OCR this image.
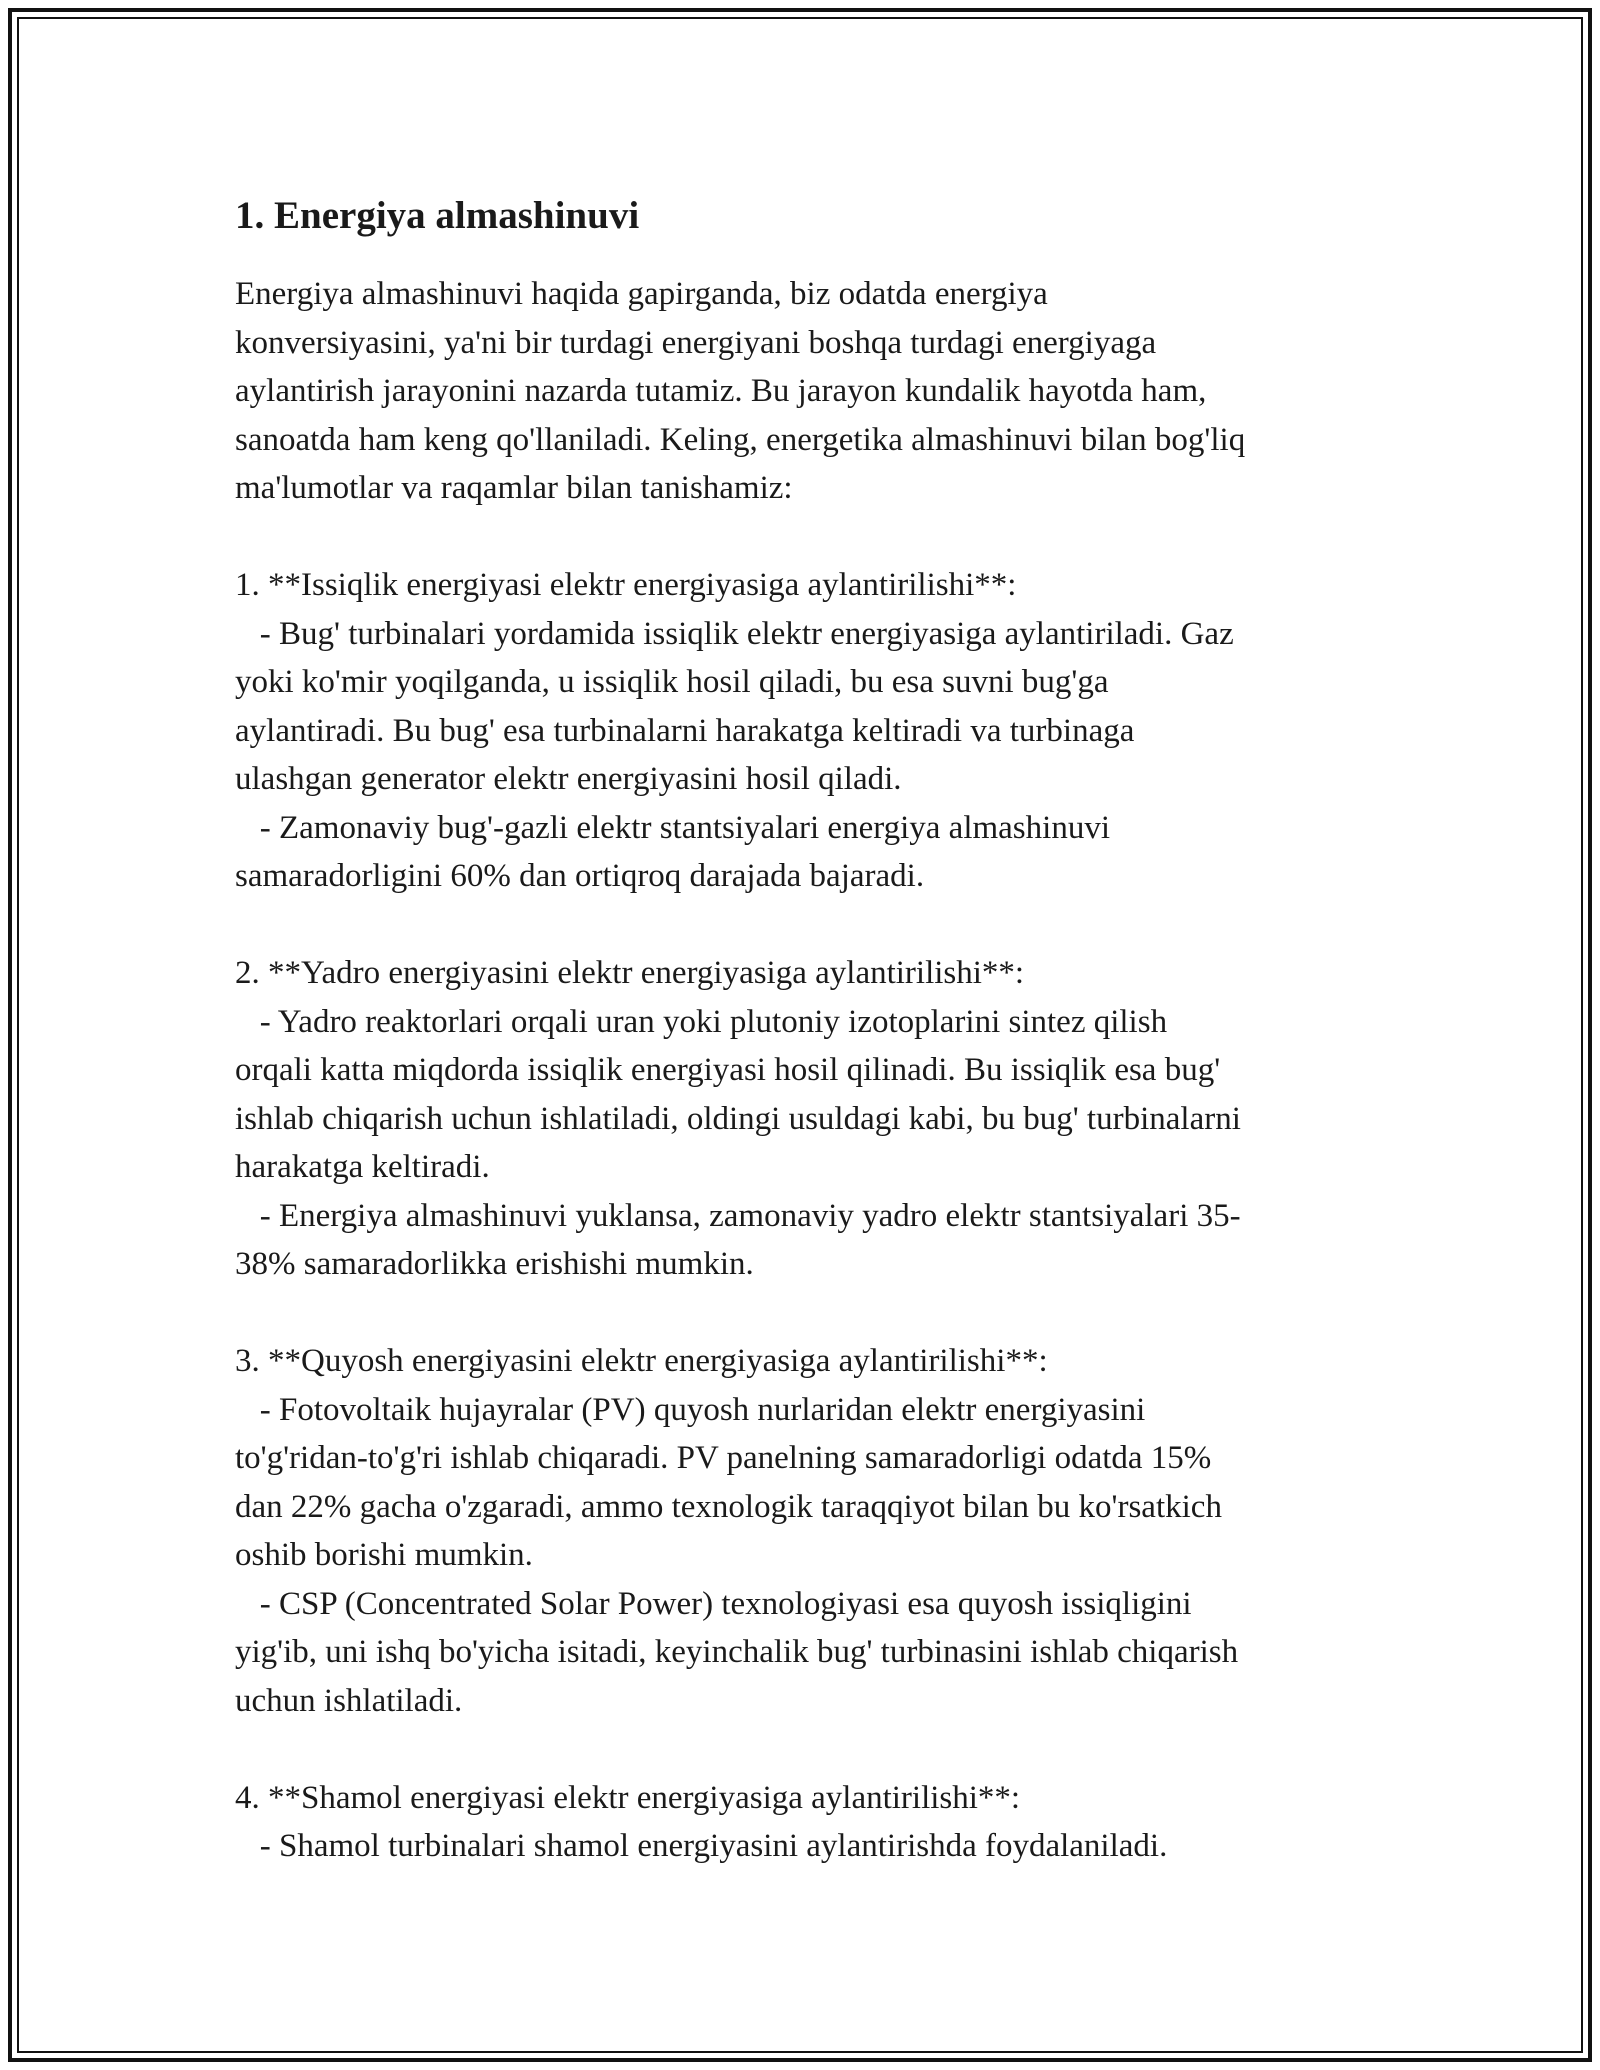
1. Energiya almashinuvi
Energiya almashinuvi haqida gapirganda, biz odatda energiya
konversiyasini, ya'ni bir turdagi energiyani boshqa turdagi energiyaga
aylantirish jarayonini nazarda tutamiz. Bu jarayon kundalik hayotda ham,
sanoatda ham keng qo'llaniladi. Keling, energetika almashinuvi bilan bog'liq
ma'lumotlar va raqamlar bilan tanishamiz:

1. **Issiqlik energiyasi elektr energiyasiga aylantirilishi**:
- Bug' turbinalari yordamida issiqlik elektr energiyasiga aylantiriladi. Gaz
yoki ko'mir yoqilganda, u issiqlik hosil qiladi, bu esa suvni bug'ga
aylantiradi. Bu bug' esa turbinalarni harakatga keltiradi va turbinaga
ulashgan generator elektr energiyasini hosil qiladi.
- Zamonaviy bug'-gazli elektr stantsiyalari energiya almashinuvi
samaradorligini 60% dan ortiqroq darajada bajaradi.

2. **Yadro energiyasini elektr energiyasiga aylantirilishi**:
- Yadro reaktorlari orqali uran yoki plutoniy izotoplarini sintez qilish
orqali katta miqdorda issiqlik energiyasi hosil qilinadi. Bu issiqlik esa bug'
ishlab chiqarish uchun ishlatiladi, oldingi usuldagi kabi, bu bug' turbinalarni
harakatga keltiradi.
- Energiya almashinuvi yuklansa, zamonaviy yadro elektr stantsiyalari 35-
38% samaradorlikka erishishi mumkin.

3. **Quyosh energiyasini elektr energiyasiga aylantirilishi**:
- Fotovoltaik hujayralar (PV) quyosh nurlaridan elektr energiyasini
to'g'ridan-to'g'ri ishlab chiqaradi. PV panelning samaradorligi odatda 15%
dan 22% gacha o'zgaradi, ammo texnologik taraqqiyot bilan bu ko'rsatkich
oshib borishi mumkin.
- CSP (Concentrated Solar Power) texnologiyasi esa quyosh issiqligini
yig'ib, uni ishq bo'yicha isitadi, keyinchalik bug' turbinasini ishlab chiqarish
uchun ishlatiladi.

4. **Shamol energiyasi elektr energiyasiga aylantirilishi**:
- Shamol turbinalari shamol energiyasini aylantirishda foydalaniladi.
